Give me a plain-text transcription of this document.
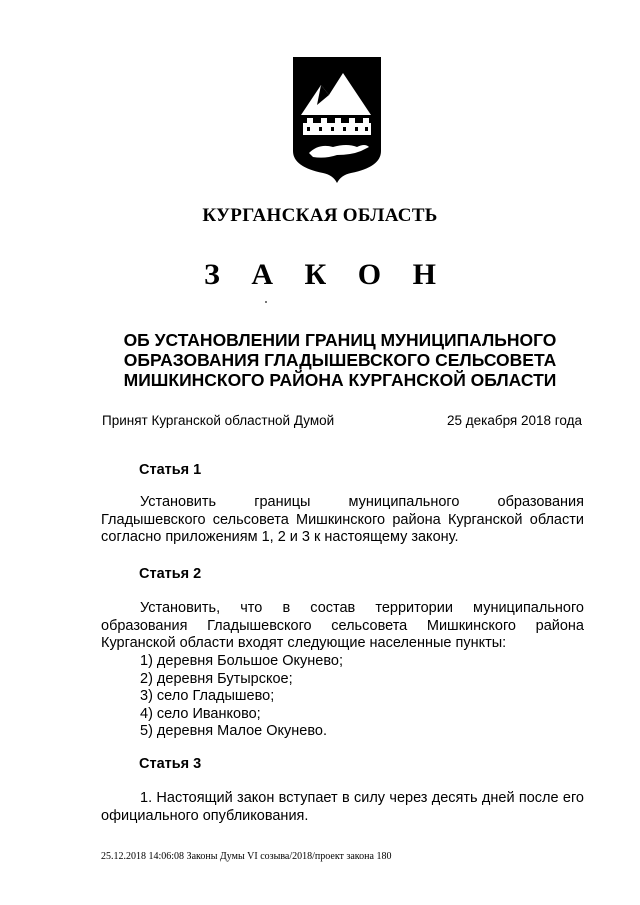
КУРГАНСКАЯ ОБЛАСТЬ
З А К О Н
ОБ УСТАНОВЛЕНИИ ГРАНИЦ МУНИЦИПАЛЬНОГО
ОБРАЗОВАНИЯ ГЛАДЫШЕВСКОГО СЕЛЬСОВЕТА
МИШКИНСКОГО РАЙОНА КУРГАНСКОЙ ОБЛАСТИ
Принят Курганской областной Думой	25 декабря 2018 года
Статья 1
Установить границы муниципального образования Гладышевского сельсовета Мишкинского района Курганской области согласно приложениям 1, 2 и 3 к настоящему закону.
Статья 2
Установить, что в состав территории муниципального образования Гладышевского сельсовета Мишкинского района Курганской области входят следующие населенные пункты:
1) деревня Большое Окунево;
2) деревня Бутырское;
3) село Гладышево;
4) село Иванково;
5) деревня Малое Окунево.
Статья 3
1. Настоящий закон вступает в силу через десять дней после его официального опубликования.
25.12.2018 14:06:08 Законы Думы VI созыва/2018/проект закона 180
